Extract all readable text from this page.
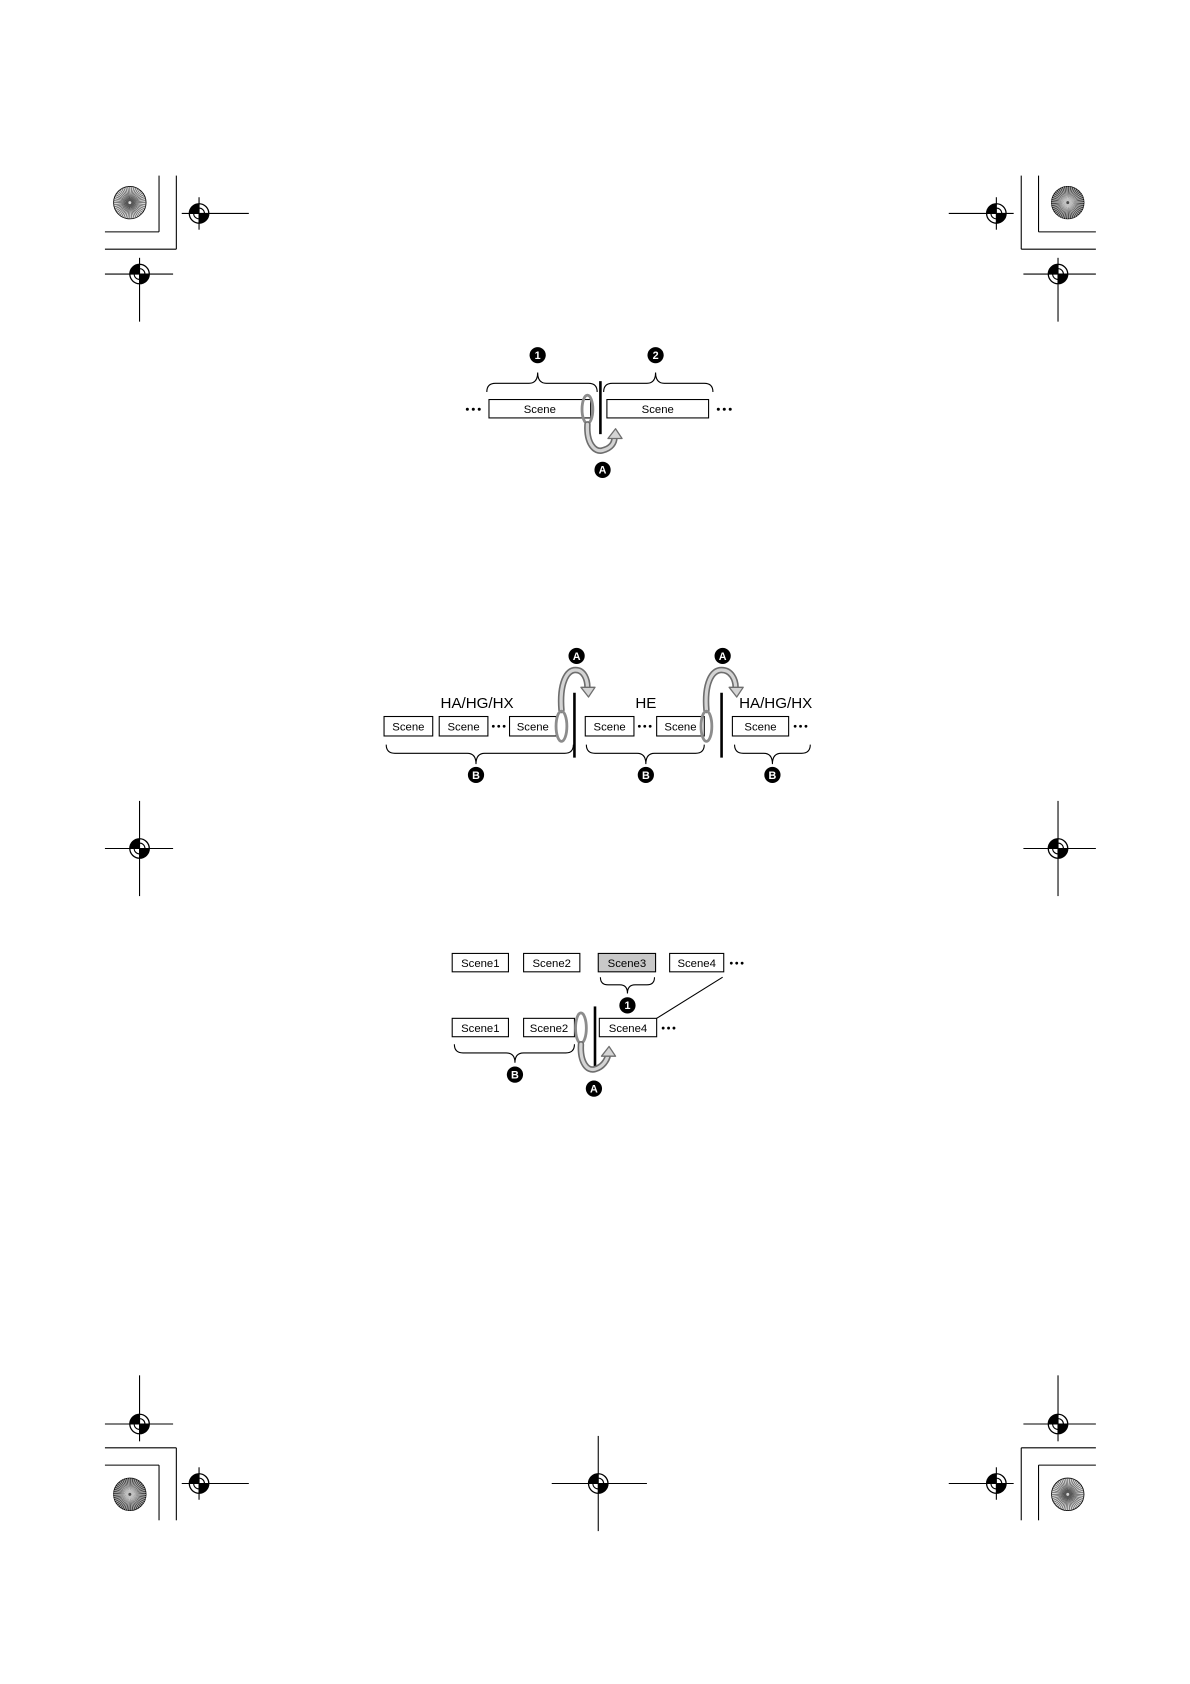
1	2
Scene	Scene
A
A	A
HA/HG/HX	HE	HA/HG/HX
Scene Scene	Scene	Scene	Scene	Scene
B	B	B
Scene1	Scene2	Scene3	Scene4
1
Scene1	Scene2	Scene4
A
B
